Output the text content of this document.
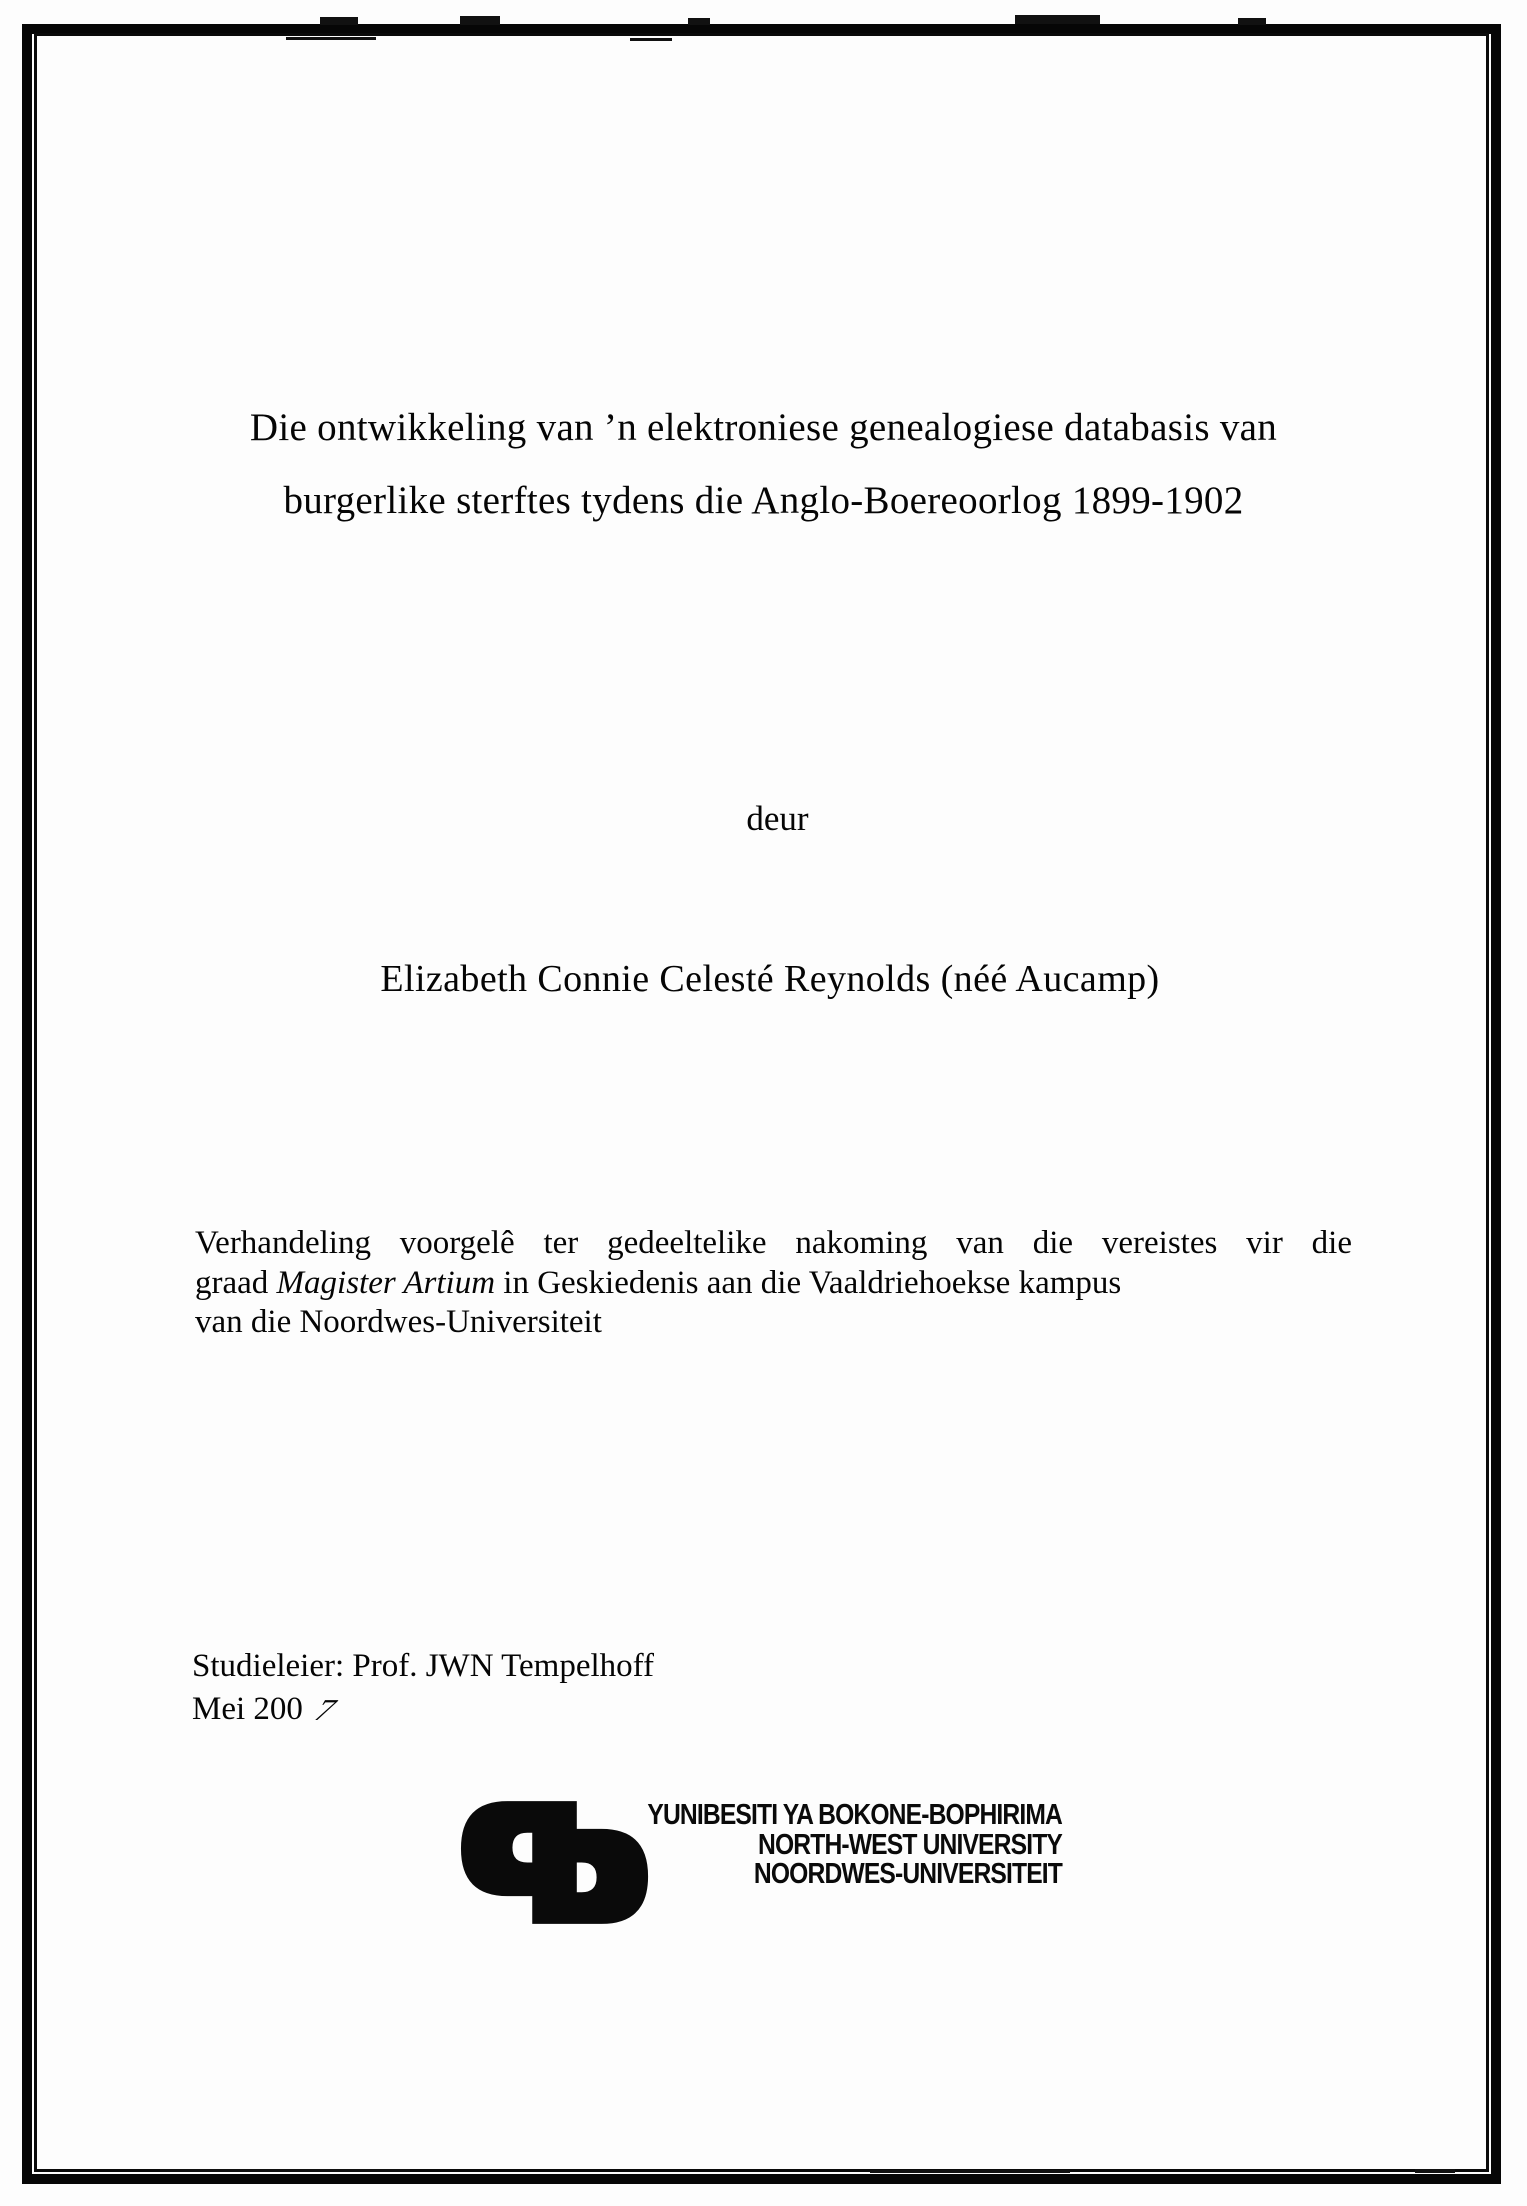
Die ontwikkeling van ’n elektroniese genealogiese databasis van
burgerlike sterftes tydens die Anglo-Boereoorlog 1899-1902
deur
Elizabeth Connie Celesté Reynolds (néé Aucamp)
Verhandeling voorgelê ter gedeeltelike nakoming van die vereistes vir die
graad Magister Artium in Geskiedenis aan die Vaaldriehoekse kampus
van die Noordwes-Universiteit
Studieleier: Prof. JWN Tempelhoff
Mei 200 7
YUNIBESITI YA BOKONE-BOPHIRIMA
NORTH-WEST UNIVERSITY
NOORDWES-UNIVERSITEIT
